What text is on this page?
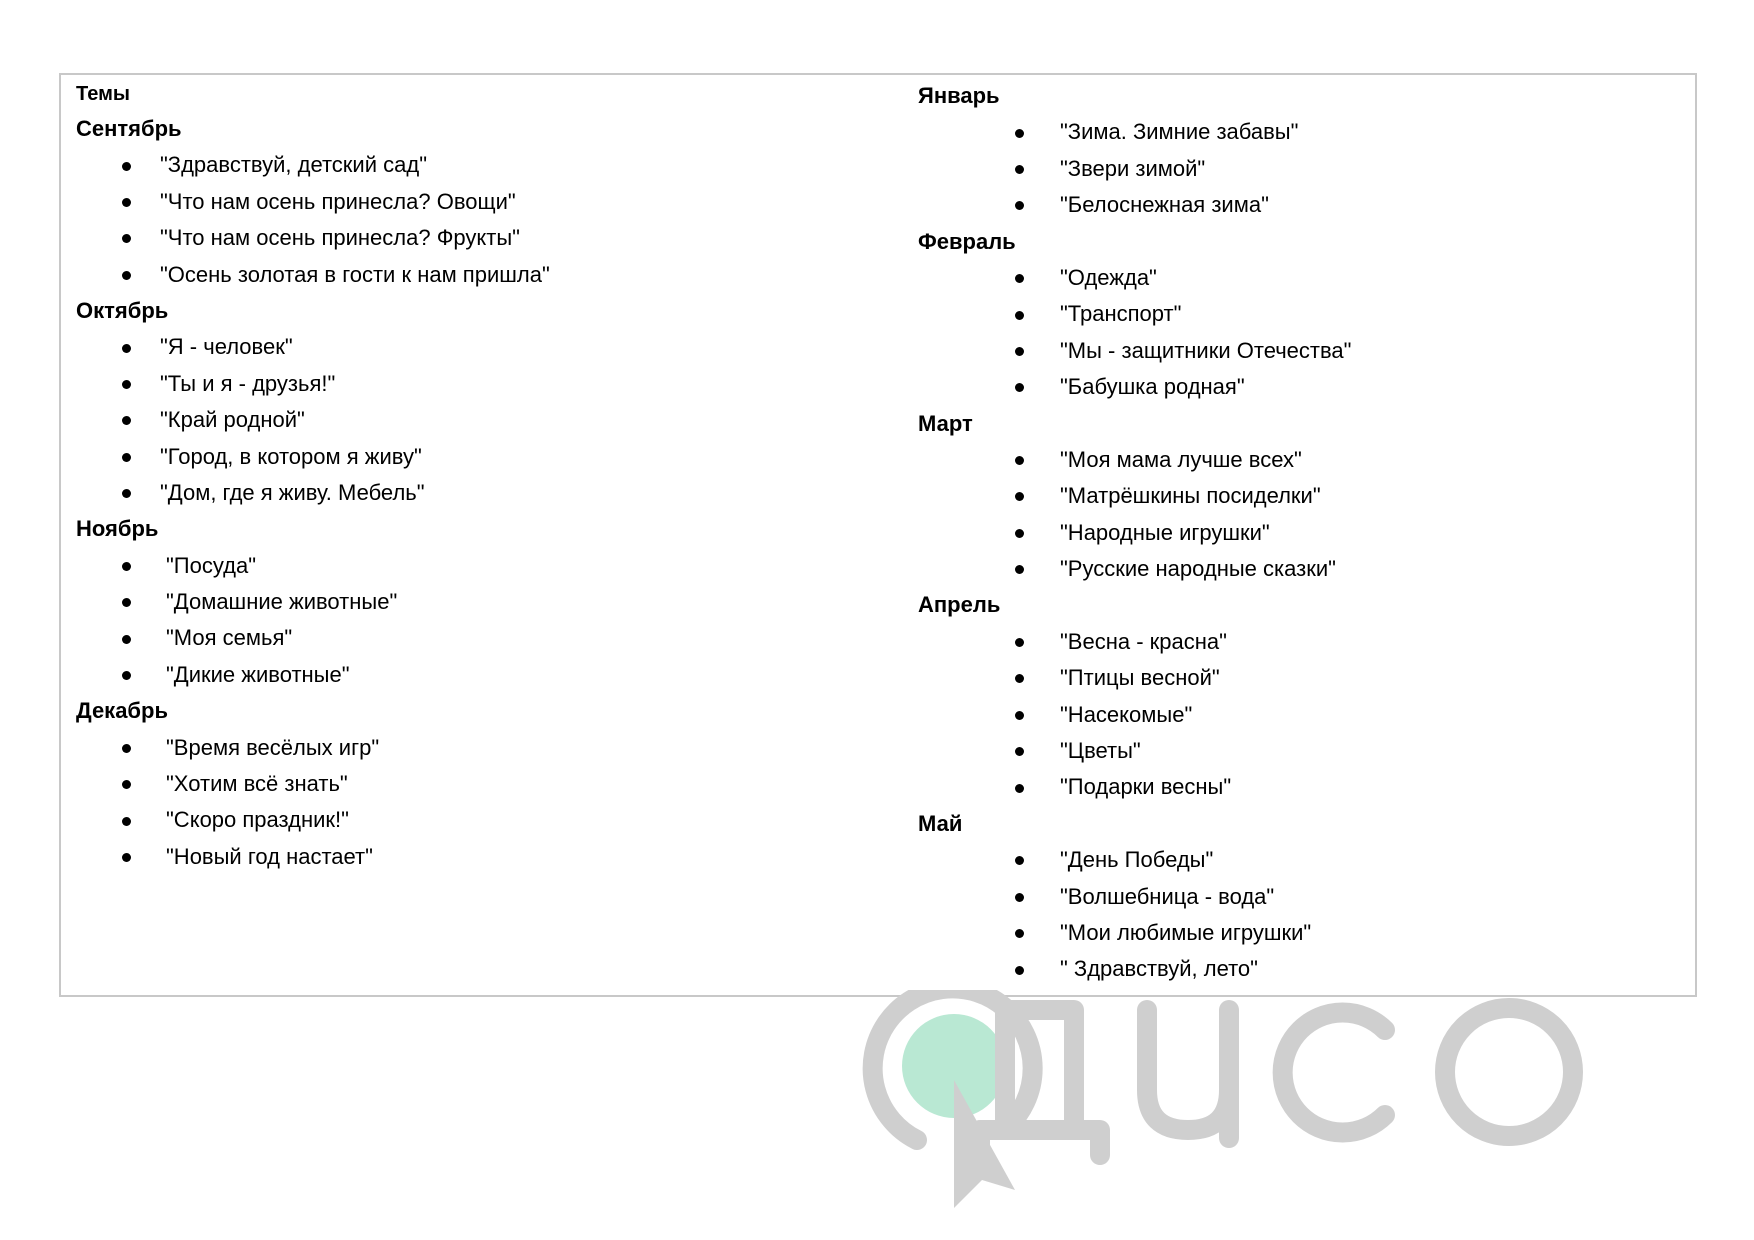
Темы
Сентябрь
"Здравствуй, детский сад"
"Что нам осень принесла? Овощи"
"Что нам осень принесла? Фрукты"
"Осень золотая в гости к нам пришла"
Октябрь
"Я - человек"
"Ты и я - друзья!"
"Край родной"
"Город, в котором я живу"
"Дом, где я живу. Мебель"
Ноябрь
"Посуда"
"Домашние животные"
"Моя семья"
"Дикие животные"
Декабрь
"Время весёлых игр"
"Хотим всё знать"
"Скоро праздник!"
"Новый год настает"
Январь
"Зима. Зимние забавы"
"Звери зимой"
"Белоснежная зима"
Февраль
"Одежда"
"Транспорт"
"Мы - защитники Отечества"
"Бабушка родная"
Март
"Моя мама лучше всех"
"Матрёшкины посиделки"
"Народные игрушки"
"Русские народные сказки"
Апрель
"Весна - красна"
"Птицы весной"
"Насекомые"
"Цветы"
"Подарки весны"
Май
"День Победы"
"Волшебница - вода"
"Мои любимые игрушки"
" Здравствуй, лето"
